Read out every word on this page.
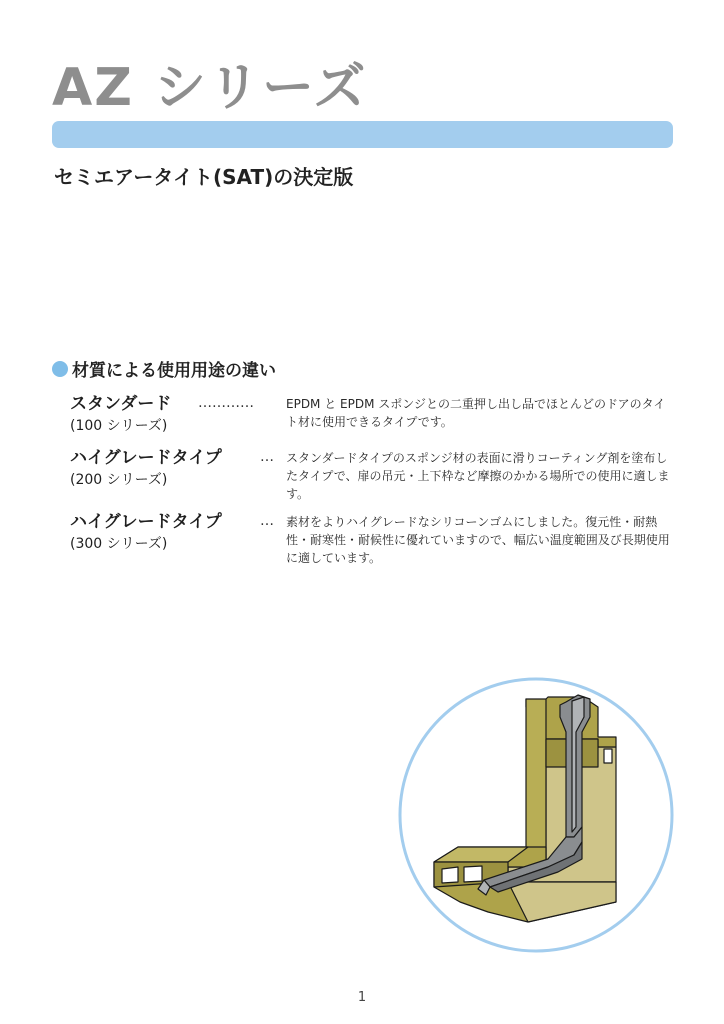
AZ シリーズ
セミエアータイト(SAT)の決定版
材質による使用用途の違い
スタンダード …………
(100 シリーズ)
EPDM と EPDM スポンジとの二重押し出し品でほとんどのドアのタイト材に使用できるタイプです。
ハイグレードタイプ	…
(200 シリーズ)
スタンダードタイプのスポンジ材の表面に滑りコーティング剤を塗布したタイプで、扉の吊元・上下枠など摩擦のかかる場所での使用に適します。
ハイグレードタイプ	…
(300 シリーズ)
素材をよりハイグレードなシリコーンゴムにしました。復元性・耐熱性・耐寒性・耐候性に優れていますので、幅広い温度範囲及び長期使用に適しています。
1
